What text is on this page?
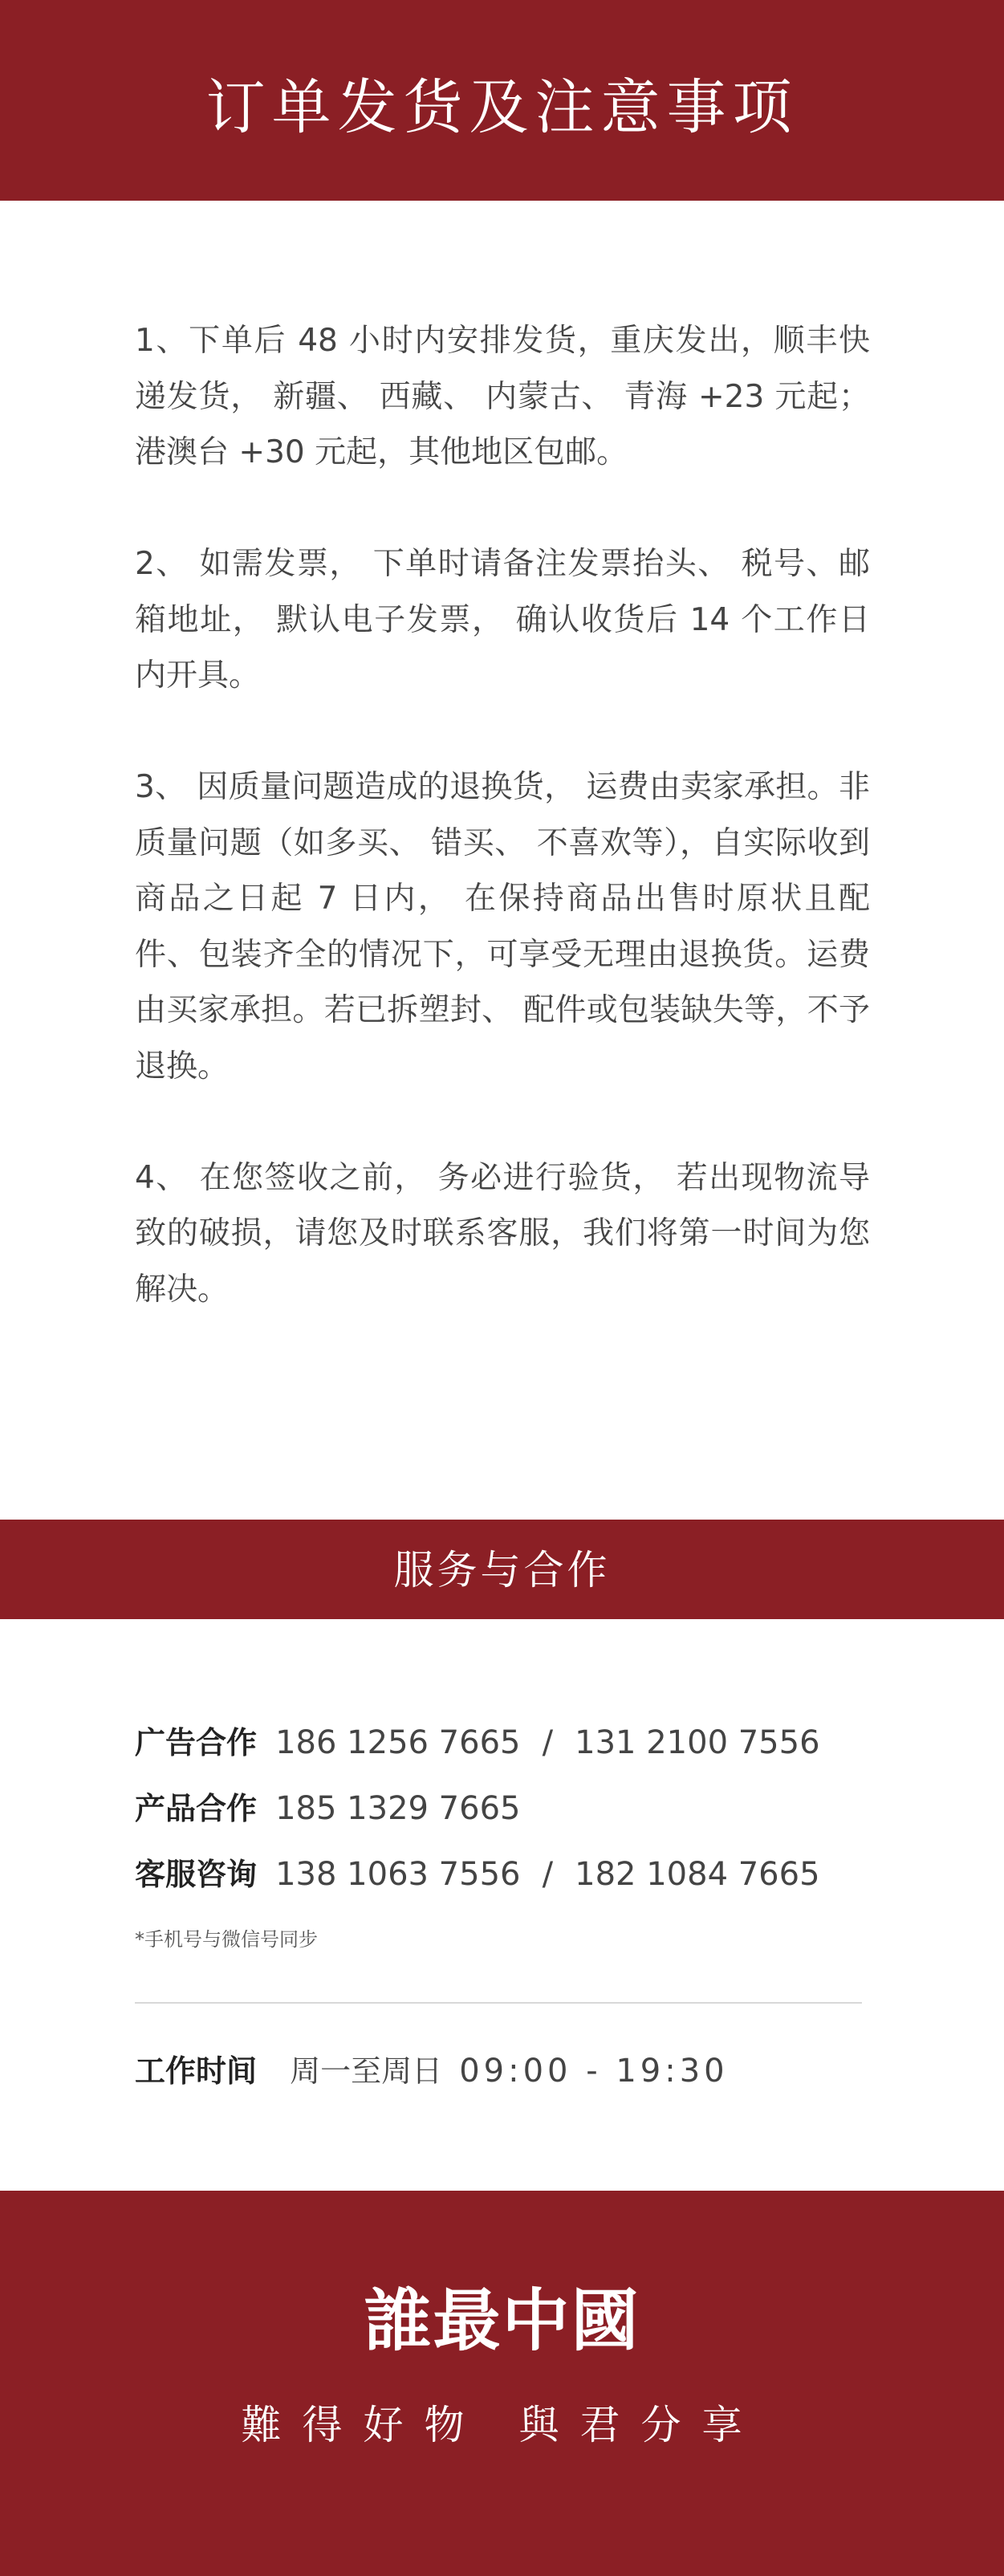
订单发货及注意事项

1、下单后 48 小时内安排发货，重庆发出，顺丰快递发货， 新疆、 西藏、 内蒙古、 青海 +23 元起； 港澳台 +30 元起，其他地区包邮。

2、 如需发票， 下单时请备注发票抬头、 税号、邮箱地址， 默认电子发票， 确认收货后 14 个工作日内开具。

3、 因质量问题造成的退换货， 运费由卖家承担。非质量问题（如多买、 错买、 不喜欢等），自实际收到商品之日起 7 日内， 在保持商品出售时原状且配件、包装齐全的情况下，可享受无理由退换货。运费由买家承担。若已拆塑封、 配件或包装缺失等，不予退换。

4、 在您签收之前， 务必进行验货， 若出现物流导致的破损，请您及时联系客服，我们将第一时间为您解决。

服务与合作
广告合作 186 1256 7665 / 131 2100 7556
产品合作 185 1329 7665
客服咨询 138 1063 7556 / 182 1084 7665
*手机号与微信号同步
工作时间 周一至周日 09:00 - 19:30
誰最中國
難得好物 與君分享
